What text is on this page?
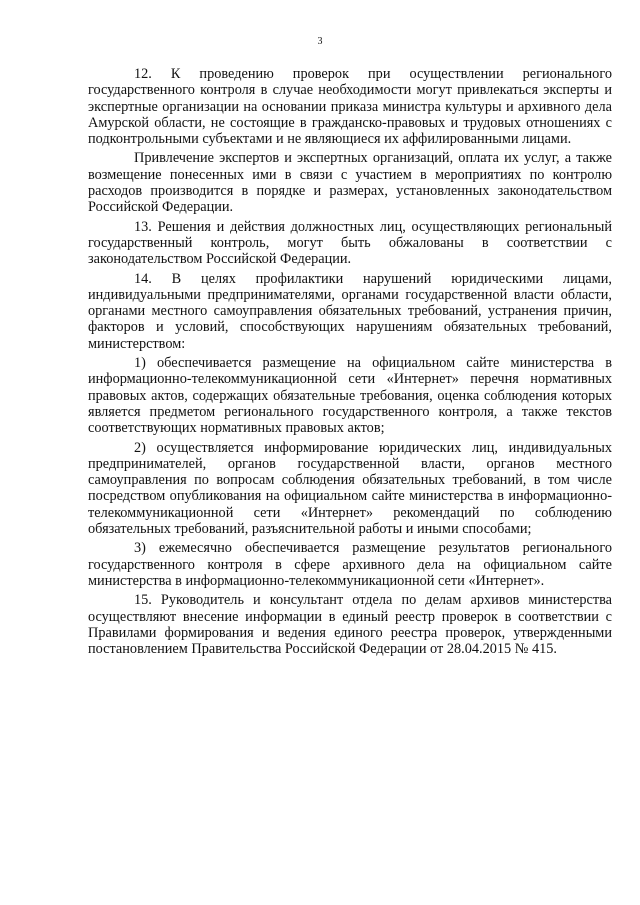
3

12. К проведению проверок при осуществлении регионального государственного контроля в случае необходимости могут привлекаться эксперты и экспертные организации на основании приказа министра культуры и архивного дела Амурской области, не состоящие в гражданско-правовых и трудовых отношениях с подконтрольными субъектами и не являющиеся их аффилированными лицами.

Привлечение экспертов и экспертных организаций, оплата их услуг, а также возмещение понесенных ими в связи с участием в мероприятиях по контролю расходов производится в порядке и размерах, установленных законодательством Российской Федерации.

13. Решения и действия должностных лиц, осуществляющих региональный государственный контроль, могут быть обжалованы в соответствии с законодательством Российской Федерации.

14. В целях профилактики нарушений юридическими лицами, индивидуальными предпринимателями, органами государственной власти области, органами местного самоуправления обязательных требований, устранения причин, факторов и условий, способствующих нарушениям обязательных требований, министерством:

1) обеспечивается размещение на официальном сайте министерства в информационно-телекоммуникационной сети «Интернет» перечня нормативных правовых актов, содержащих обязательные требования, оценка соблюдения которых является предметом регионального государственного контроля, а также текстов соответствующих нормативных правовых актов;

2) осуществляется информирование юридических лиц, индивидуальных предпринимателей, органов государственной власти, органов местного самоуправления по вопросам соблюдения обязательных требований, в том числе посредством опубликования на официальном сайте министерства в информационно-телекоммуникационной сети «Интернет» рекомендаций по соблюдению обязательных требований, разъяснительной работы и иными способами;

3) ежемесячно обеспечивается размещение результатов регионального государственного контроля в сфере архивного дела на официальном сайте министерства в информационно-телекоммуникационной сети «Интернет».

15. Руководитель и консультант отдела по делам архивов министерства осуществляют внесение информации в единый реестр проверок в соответствии с Правилами формирования и ведения единого реестра проверок, утвержденными постановлением Правительства Российской Федерации от 28.04.2015 № 415.
